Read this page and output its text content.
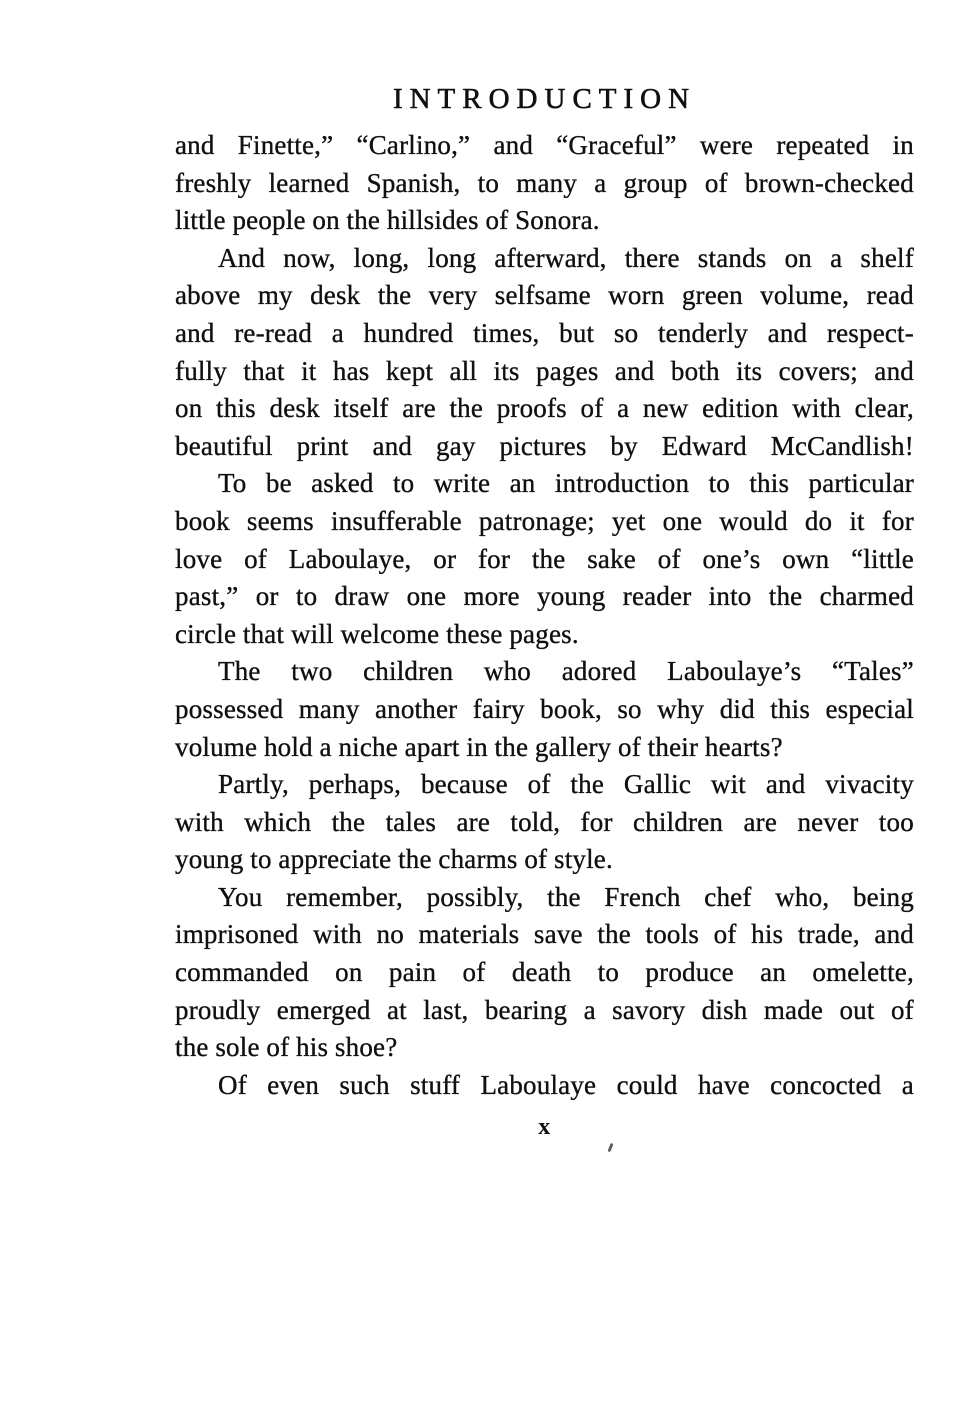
INTRODUCTION
and Finette,” “Carlino,” and “Graceful” were repeated in
freshly learned Spanish, to many a group of brown-checked
little people on the hillsides of Sonora.
And now, long, long afterward, there stands on a shelf
above my desk the very selfsame worn green volume, read
and re-read a hundred times, but so tenderly and respect-
fully that it has kept all its pages and both its covers; and
on this desk itself are the proofs of a new edition with clear,
beautiful print and gay pictures by Edward McCandlish!
To be asked to write an introduction to this particular
book seems insufferable patronage; yet one would do it for
love of Laboulaye, or for the sake of one’s own “little
past,” or to draw one more young reader into the charmed
circle that will welcome these pages.
The two children who adored Laboulaye’s “Tales”
possessed many another fairy book, so why did this especial
volume hold a niche apart in the gallery of their hearts?
Partly, perhaps, because of the Gallic wit and vivacity
with which the tales are told, for children are never too
young to appreciate the charms of style.
You remember, possibly, the French chef who, being
imprisoned with no materials save the tools of his trade, and
commanded on pain of death to produce an omelette,
proudly emerged at last, bearing a savory dish made out of
the sole of his shoe?
Of even such stuff Laboulaye could have concocted a
x
